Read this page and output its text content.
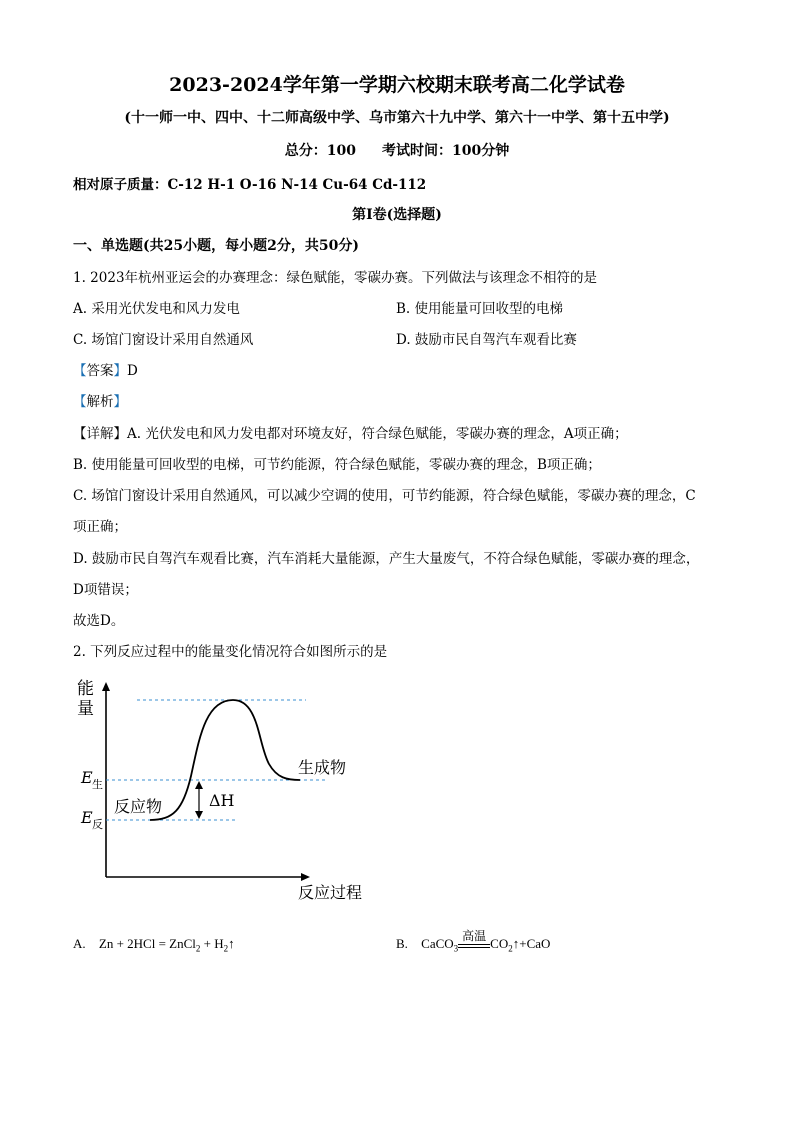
2023-2024学年第一学期六校期末联考高二化学试卷
(十一师一中、四中、十二师高级中学、乌市第六十九中学、第六十一中学、第十五中学)
总分：100 考试时间：100分钟
相对原子质量：C-12 H-1 O-16 N-14 Cu-64 Cd-112
第Ⅰ卷(选择题)
一、单选题(共25小题，每小题2分，共50分)
1. 2023年杭州亚运会的办赛理念：绿色赋能，零碳办赛。下列做法与该理念不相符的是
A. 采用光伏发电和风力发电	B. 使用能量可回收型的电梯
C. 场馆门窗设计采用自然通风	D. 鼓励市民自驾汽车观看比赛
【答案】D
【解析】
【详解】A. 光伏发电和风力发电都对环境友好，符合绿色赋能，零碳办赛的理念，A项正确；
B. 使用能量可回收型的电梯，可节约能源，符合绿色赋能，零碳办赛的理念，B项正确；
C. 场馆门窗设计采用自然通风，可以减少空调的使用，可节约能源，符合绿色赋能，零碳办赛的理念，C
项正确；
D. 鼓励市民自驾汽车观看比赛，汽车消耗大量能源，产生大量废气，不符合绿色赋能，零碳办赛的理念，
D项错误；
故选D。
2. 下列反应过程中的能量变化情况符合如图所示的是
能
量
E 生
E 反
反应物
生成物
ΔH
反应过程
A. Zn + 2HCl = ZnCl$_2$ + $H_2↑$	B. CaCO$_3$
高温 $CO_2↑+CaO$
